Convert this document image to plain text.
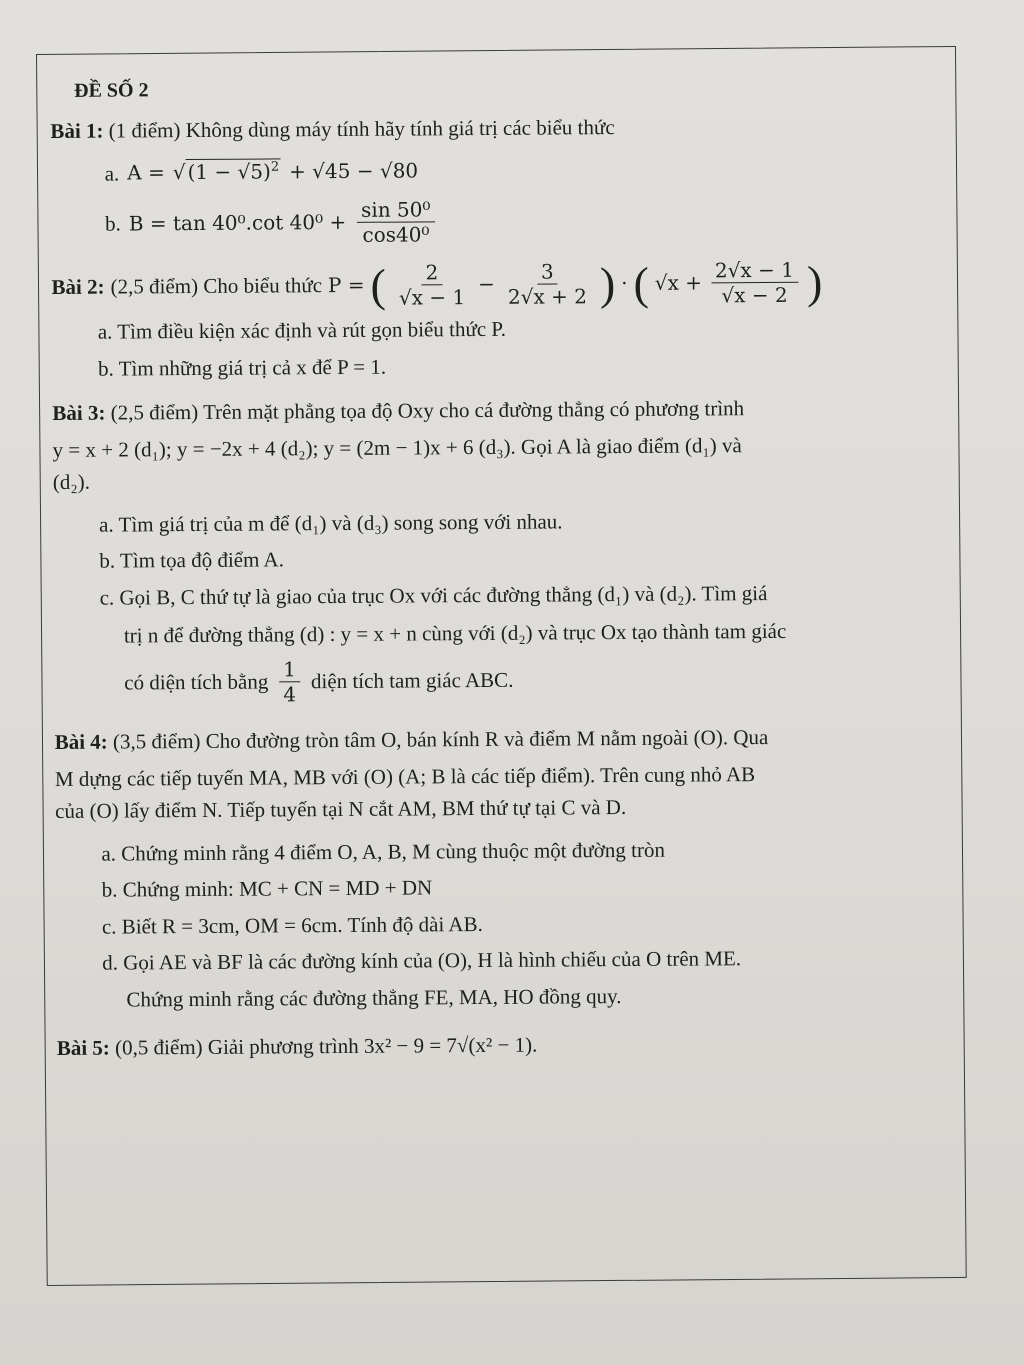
ĐỀ SỐ 2
Bài 1: (1 điểm) Không dùng máy tính hãy tính giá trị các biểu thức
a. $A = √(1 - √5)^2 + √45 - √80$
b. B = tan 40⁰.cot $40^0 + \frac{\text{sin 50⁰}}{\text{cos40⁰}}$
Bài 2: (2,5 điểm) Cho biểu thức P = ( $\frac{2}{√x - 1} - \frac{3}{2√x + 2}$ ) · ( $√x + \frac{2√x - 1}{√x - 2}$ )
a. Tìm điều kiện xác định và rút gọn biểu thức P.
b. Tìm những giá trị cả x để P = 1.
Bài 3: (2,5 điểm) Trên mặt phẳng tọa độ Oxy cho cá đường thẳng có phương trình
y = x + 2 (d₁); y = −2x + 4 (d₂); y = (2m − 1)x + 6 (d₃). Gọi A là giao điểm (d₁) và
(d₂).
a. Tìm giá trị của m để (d₁) và (d₃) song song với nhau.
b. Tìm tọa độ điểm A.
c. Gọi B, C thứ tự là giao của trục Ox với các đường thẳng (d₁) và (d₂). Tìm giá
trị n để đường thẳng (d) : y = x + n cùng với (d₂) và trục Ox tạo thành tam giác
có diện tích bằng $\frac{1}{4}$ diện tích tam giác ABC.
Bài 4: (3,5 điểm) Cho đường tròn tâm O, bán kính R và điểm M nằm ngoài (O). Qua
M dựng các tiếp tuyến MA, MB với (O) (A; B là các tiếp điểm). Trên cung nhỏ AB
của (O) lấy điểm N. Tiếp tuyến tại N cắt AM, BM thứ tự tại C và D.
a. Chứng minh rằng 4 điểm O, A, B, M cùng thuộc một đường tròn
b. Chứng minh: MC + CN = MD + DN
c. Biết R = 3cm, OM = 6cm. Tính độ dài AB.
d. Gọi AE và BF là các đường kính của (O), H là hình chiếu của O trên ME.
Chứng minh rằng các đường thẳng FE, MA, HO đồng quy.
Bài 5: (0,5 điểm) Giải phương trình 3x² − 9 = 7√(x² − 1).
